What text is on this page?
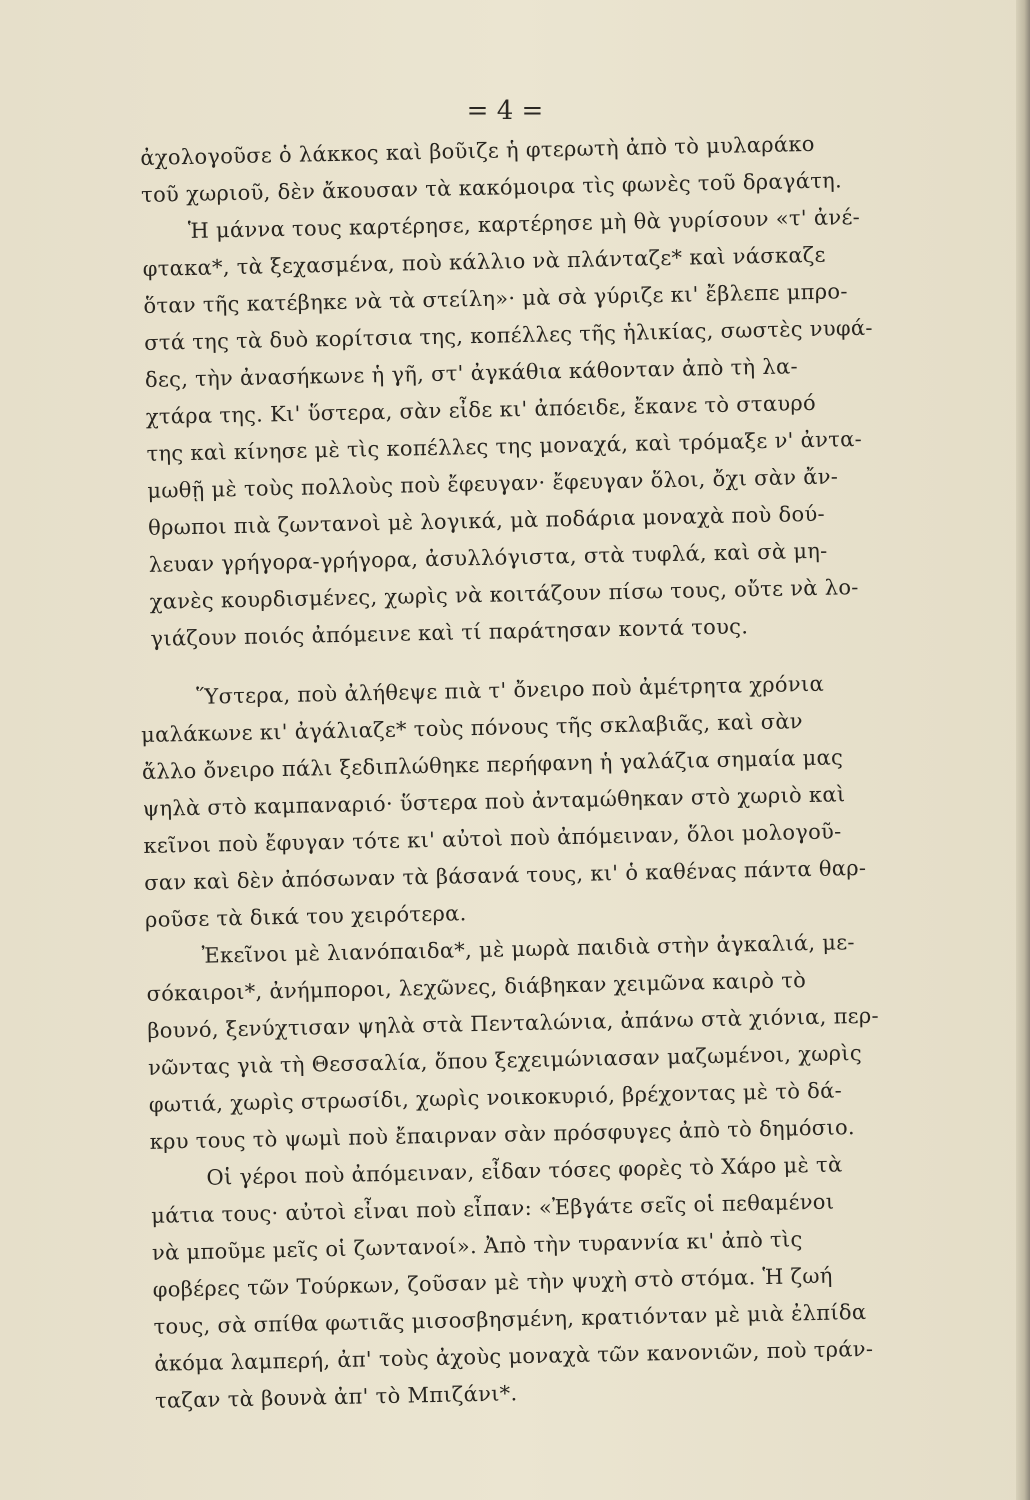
= 4 =
ἀχολογοῦσε ὁ λάκκος καὶ βοῦιζε ἡ φτερωτὴ ἀπὸ τὸ μυλαράκο
τοῦ χωριοῦ, δὲν ἄκουσαν τὰ κακόμοιρα τὶς φωνὲς τοῦ δραγάτη.
Ἡ μάννα τους καρτέρησε, καρτέρησε μὴ θὰ γυρίσουν «τ' ἀνέ-
φτακα*, τὰ ξεχασμένα, ποὺ κάλλιο νὰ πλάνταζε* καὶ νάσκαζε
ὅταν τῆς κατέβηκε νὰ τὰ στείλη»· μὰ σὰ γύριζε κι' ἔβλεπε μπρο-
στά της τὰ δυὸ κορίτσια της, κοπέλλες τῆς ἡλικίας, σωστὲς νυφά-
δες, τὴν ἀνασήκωνε ἡ γῆ, στ' ἀγκάθια κάθονταν ἀπὸ τὴ λα-
χτάρα της. Κι' ὕστερα, σὰν εἶδε κι' ἀπόειδε, ἔκανε τὸ σταυρό
της καὶ κίνησε μὲ τὶς κοπέλλες της μοναχά, καὶ τρόμαξε ν' ἀντα-
μωθῇ μὲ τοὺς πολλοὺς ποὺ ἔφευγαν· ἔφευγαν ὅλοι, ὄχι σὰν ἄν-
θρωποι πιὰ ζωντανοὶ μὲ λογικά, μὰ ποδάρια μοναχὰ ποὺ δού-
λευαν γρήγορα-γρήγορα, ἀσυλλόγιστα, στὰ τυφλά, καὶ σὰ μη-
χανὲς κουρδισμένες, χωρὶς νὰ κοιτάζουν πίσω τους, οὔτε νὰ λο-
γιάζουν ποιός ἀπόμεινε καὶ τί παράτησαν κοντά τους.
Ὕστερα, ποὺ ἀλήθεψε πιὰ τ' ὄνειρο ποὺ ἀμέτρητα χρόνια
μαλάκωνε κι' ἀγάλιαζε* τοὺς πόνους τῆς σκλαβιᾶς, καὶ σὰν
ἄλλο ὄνειρο πάλι ξεδιπλώθηκε περήφανη ἡ γαλάζια σημαία μας
ψηλὰ στὸ καμπαναριό· ὕστερα ποὺ ἀνταμώθηκαν στὸ χωριὸ καὶ
κεῖνοι ποὺ ἔφυγαν τότε κι' αὐτοὶ ποὺ ἀπόμειναν, ὅλοι μολογοῦ-
σαν καὶ δὲν ἀπόσωναν τὰ βάσανά τους, κι' ὁ καθένας πάντα θαρ-
ροῦσε τὰ δικά του χειρότερα.
Ἐκεῖνοι μὲ λιανόπαιδα*, μὲ μωρὰ παιδιὰ στὴν ἀγκαλιά, με-
σόκαιροι*, ἀνήμποροι, λεχῶνες, διάβηκαν χειμῶνα καιρὸ τὸ
βουνό, ξενύχτισαν ψηλὰ στὰ Πενταλώνια, ἀπάνω στὰ χιόνια, περ-
νῶντας γιὰ τὴ Θεσσαλία, ὅπου ξεχειμώνιασαν μαζωμένοι, χωρὶς
φωτιά, χωρὶς στρωσίδι, χωρὶς νοικοκυριό, βρέχοντας μὲ τὸ δά-
κρυ τους τὸ ψωμὶ ποὺ ἔπαιρναν σὰν πρόσφυγες ἀπὸ τὸ δημόσιο.
Οἱ γέροι ποὺ ἀπόμειναν, εἶδαν τόσες φορὲς τὸ Χάρο μὲ τὰ
μάτια τους· αὐτοὶ εἶναι ποὺ εἶπαν: «Ἐβγάτε σεῖς οἱ πεθαμένοι
νὰ μποῦμε μεῖς οἱ ζωντανοί». Ἀπὸ τὴν τυραννία κι' ἀπὸ τὶς
φοβέρες τῶν Τούρκων, ζοῦσαν μὲ τὴν ψυχὴ στὸ στόμα. Ἡ ζωή
τους, σὰ σπίθα φωτιᾶς μισοσβησμένη, κρατιόνταν μὲ μιὰ ἐλπίδα
ἀκόμα λαμπερή, ἀπ' τοὺς ἀχοὺς μοναχὰ τῶν κανονιῶν, ποὺ τράν-
ταζαν τὰ βουνὰ ἀπ' τὸ Μπιζάνι*.
